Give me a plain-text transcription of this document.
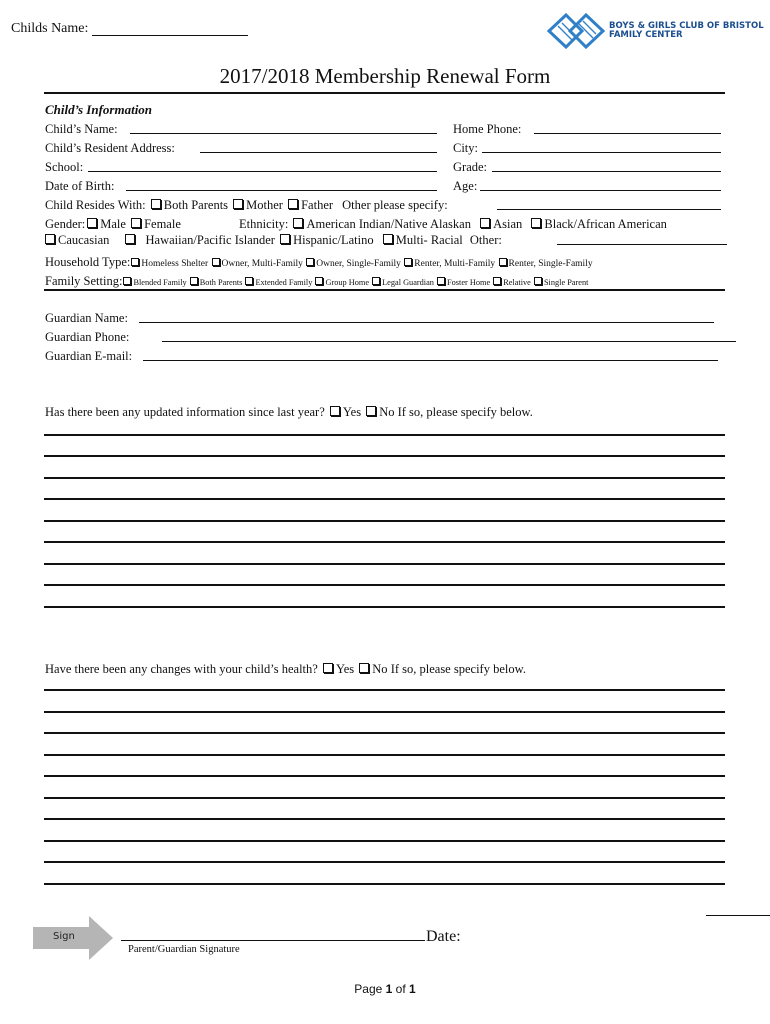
Childs Name:	BOYS & GIRLS CLUB OF BRISTOL
FAMILY CENTER
2017/2018 Membership Renewal Form
Child’s Information
Child’s Name:	Home Phone:
Child’s Resident Address:	City:
School:	Grade:
Date of Birth:	Age:
Child Resides With: Both Parents Mother Father Other please specify:
Gender: Male Female	Ethnicity: American Indian/Native Alaskan Asian Black/African American
Caucasian	Hawaiian/Pacific Islander Hispanic/Latino Multi- Racial Other:
Household Type: Homeless Shelter Owner, Multi-Family Owner, Single-Family Renter, Multi-Family Renter, Single-Family
Family Setting: Blended Family Both Parents Extended Family Group Home Legal Guardian Foster Home Relative Single Parent
Guardian Name:
Guardian Phone:
Guardian E-mail:
Has there been any updated information since last year? Yes No If so, please specify below.
Have there been any changes with your child’s health? Yes No If so, please specify below.
Sign
Parent/Guardian Signature
Date:
Page 1 of 1
